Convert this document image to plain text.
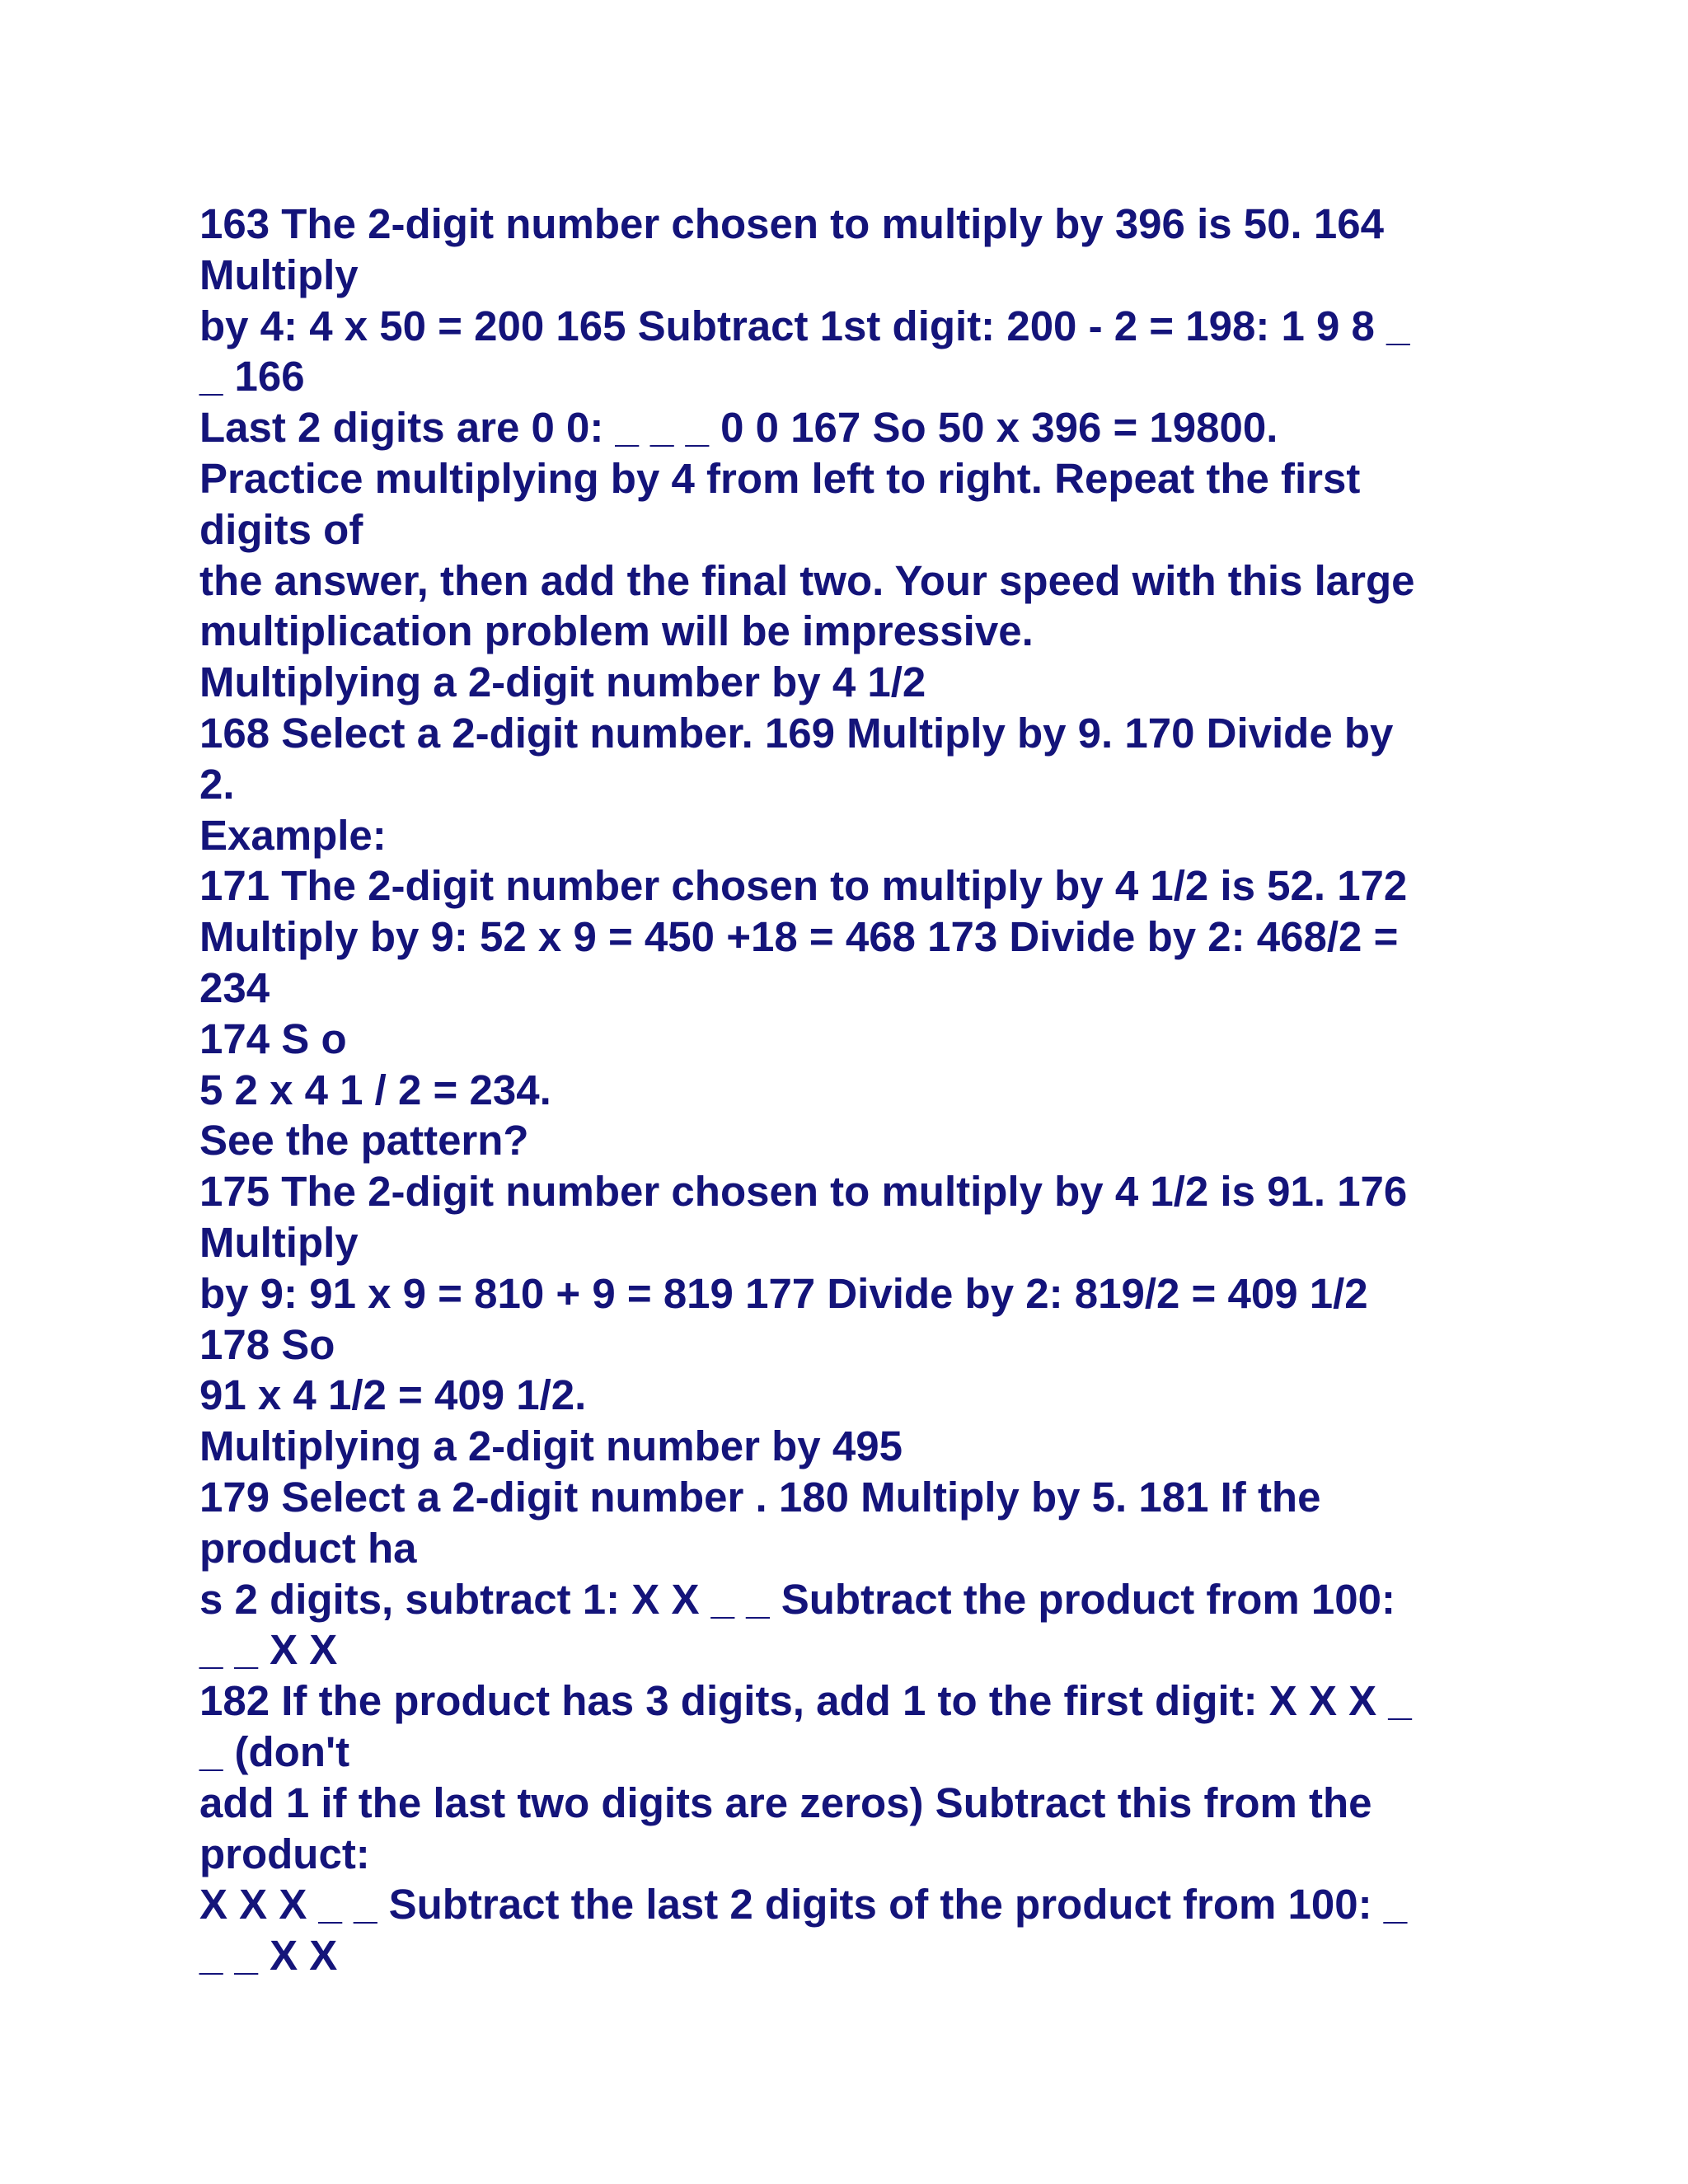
163 The 2-digit number chosen to multiply by 396 is 50. 164

Multiply

by 4: 4 x 50 = 200 165 Subtract 1st digit: 200 - 2 = 198: 1 9 8 _

_ 166

Last 2 digits are 0 0: _ _ _ 0 0 167 So 50 x 396 = 19800.

Practice multiplying by 4 from left to right. Repeat the first

digits of

the answer, then add the final two. Your speed with this large

multiplication problem will be impressive.

Multiplying a 2-digit number by 4 1/2

168 Select a 2-digit number. 169 Multiply by 9. 170 Divide by

2.

Example:

171 The 2-digit number chosen to multiply by 4 1/2 is 52. 172

Multiply by 9: 52 x 9 = 450 +18 = 468 173 Divide by 2: 468/2 =

234

174 S o

5 2 x 4 1 / 2 = 234.

See the pattern?

175 The 2-digit number chosen to multiply by 4 1/2 is 91. 176

Multiply

by 9: 91 x 9 = 810 + 9 = 819 177 Divide by 2: 819/2 = 409 1/2

178 So

91 x 4 1/2 = 409 1/2.

Multiplying a 2-digit number by 495

179 Select a 2-digit number . 180 Multiply by 5. 181 If the

product ha

s 2 digits, subtract 1: X X _ _ Subtract the product from 100:

_ _ X X

182 If the product has 3 digits, add 1 to the first digit: X X X _

_ (don't

add 1 if the last two digits are zeros) Subtract this from the

product:

X X X _ _ Subtract the last 2 digits of the product from 100: _

_ _ X X
